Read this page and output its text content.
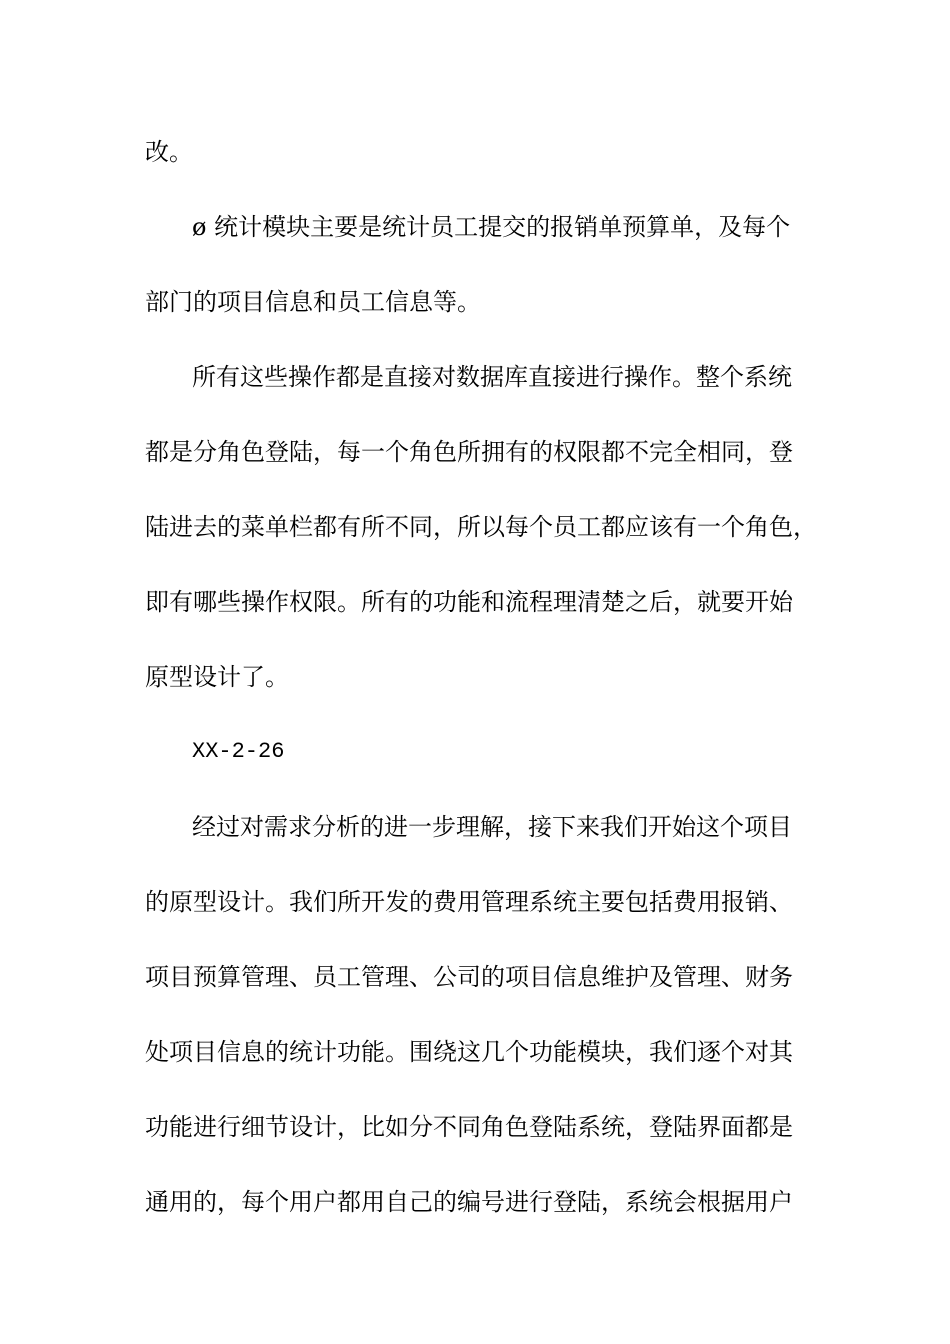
改。
ø 统计模块主要是统计员工提交的报销单预算单，及每个
部门的项目信息和员工信息等。
所有这些操作都是直接对数据库直接进行操作。整个系统
都是分角色登陆，每一个角色所拥有的权限都不完全相同，登
陆进去的菜单栏都有所不同，所以每个员工都应该有一个角色，
即有哪些操作权限。所有的功能和流程理清楚之后，就要开始
原型设计了。
XX-2-26
经过对需求分析的进一步理解，接下来我们开始这个项目
的原型设计。我们所开发的费用管理系统主要包括费用报销、
项目预算管理、员工管理、公司的项目信息维护及管理、财务
处项目信息的统计功能。围绕这几个功能模块，我们逐个对其
功能进行细节设计，比如分不同角色登陆系统，登陆界面都是
通用的，每个用户都用自己的编号进行登陆，系统会根据用户
